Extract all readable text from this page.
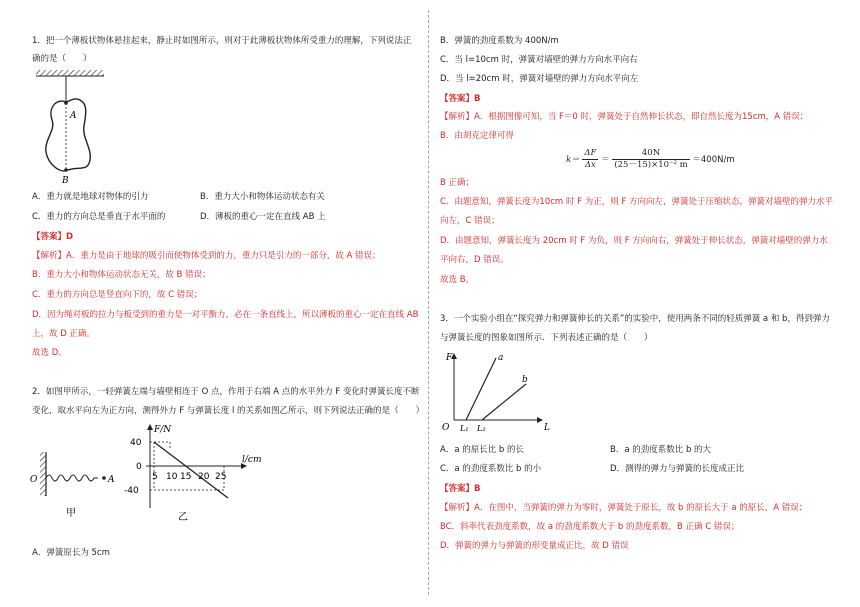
1．把一个薄板状物体悬挂起来，静止时如图所示，则对于此薄板状物体所受重力的理解，下列说法正
确的是（　　）
A
B
A．重力就是地球对物体的引力	B．重力大小和物体运动状态有关
C．重力的方向总是垂直于水平面的	D．薄板的重心一定在直线 AB 上
【答案】D
【解析】A．重力是由于地球的吸引而使物体受到的力，重力只是引力的一部分，故 A 错误；
B．重力大小和物体运动状态无关，故 B 错误；
C．重力的方向总是竖直向下的，故 C 错误；
D．因为绳对板的拉力与板受到的重力是一对平衡力，必在一条直线上，所以薄板的重心一定在直线 AB
上，故 D 正确。
故选 D。
2．如图甲所示，一轻弹簧左端与墙壁相连于 O 点，作用于右端 A 点的水平外力 F 变化时弹簧长度不断
变化，取水平向左为正方向，测得外力 F 与弹簧长度 l 的关系如图乙所示，则下列说法正确的是（　　）
O	A
甲
F/N
l/cm
40
0
-40
5 10 15 20 25
乙
A．弹簧原长为 5cm
B．弹簧的劲度系数为 400N/m
C．当 l=10cm 时，弹簧对墙壁的弹力方向水平向右
D．当 l=20cm 时，弹簧对墙壁的弹力方向水平向左
【答案】B
【解析】A．根据图像可知，当 F＝0 时，弹簧处于自然伸长状态，即自然长度为15cm，A 错误；
B．由胡克定律可得
$k= \frac{\Delta F}{\Delta x} = \frac{40N}{\text{(25－15)×10⁻² m}} =400N/m$
B 正确；
C．由题意知，弹簧长度为10cm 时 F 为正，则 F 方向向左，弹簧处于压缩状态，弹簧对墙壁的弹力水平
向左，C 错误；
D．由题意知，弹簧长度为 20cm 时 F 为负，则 F 方向向右，弹簧处于伸长状态，弹簧对墙壁的弹力水
平向右，D 错误。
故选 B。
3．一个实验小组在“探究弹力和弹簧伸长的关系”的实验中，使用两条不同的轻质弹簧 a 和 b，得到弹力
与弹簧长度的图象如图所示．下列表述正确的是（　　）
F
O	L
a
b
L₁ L₂
A．a 的原长比 b 的长	B．a 的劲度系数比 b 的大
C．a 的劲度系数比 b 的小	D．测得的弹力与弹簧的长度成正比
【答案】B
【解析】A．在图中，当弹簧的弹力为零时，弹簧处于原长，故 b 的原长大于 a 的原长，A 错误；
BC．斜率代表劲度系数，故 a 的劲度系数大于 b 的劲度系数，B 正确 C 错误；
D．弹簧的弹力与弹簧的形变量成正比，故 D 错误
